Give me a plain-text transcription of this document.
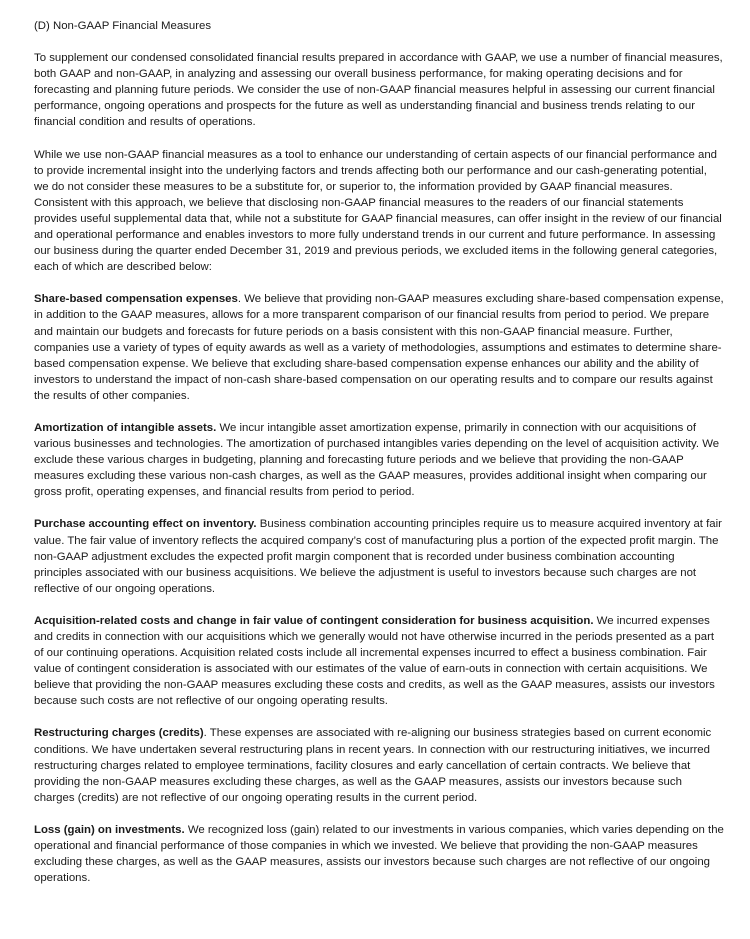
(D) Non-GAAP Financial Measures

To supplement our condensed consolidated financial results prepared in accordance with GAAP, we use a number of financial measures, both GAAP and non-GAAP, in analyzing and assessing our overall business performance, for making operating decisions and for forecasting and planning future periods. We consider the use of non-GAAP financial measures helpful in assessing our current financial performance, ongoing operations and prospects for the future as well as understanding financial and business trends relating to our financial condition and results of operations.

While we use non-GAAP financial measures as a tool to enhance our understanding of certain aspects of our financial performance and to provide incremental insight into the underlying factors and trends affecting both our performance and our cash-generating potential, we do not consider these measures to be a substitute for, or superior to, the information provided by GAAP financial measures. Consistent with this approach, we believe that disclosing non-GAAP financial measures to the readers of our financial statements provides useful supplemental data that, while not a substitute for GAAP financial measures, can offer insight in the review of our financial and operational performance and enables investors to more fully understand trends in our current and future performance. In assessing our business during the quarter ended December 31, 2019 and previous periods, we excluded items in the following general categories, each of which are described below:

Share-based compensation expenses. We believe that providing non-GAAP measures excluding share-based compensation expense, in addition to the GAAP measures, allows for a more transparent comparison of our financial results from period to period. We prepare and maintain our budgets and forecasts for future periods on a basis consistent with this non-GAAP financial measure. Further, companies use a variety of types of equity awards as well as a variety of methodologies, assumptions and estimates to determine share-based compensation expense. We believe that excluding share-based compensation expense enhances our ability and the ability of investors to understand the impact of non-cash share-based compensation on our operating results and to compare our results against the results of other companies.

Amortization of intangible assets. We incur intangible asset amortization expense, primarily in connection with our acquisitions of various businesses and technologies. The amortization of purchased intangibles varies depending on the level of acquisition activity. We exclude these various charges in budgeting, planning and forecasting future periods and we believe that providing the non-GAAP measures excluding these various non-cash charges, as well as the GAAP measures, provides additional insight when comparing our gross profit, operating expenses, and financial results from period to period.

Purchase accounting effect on inventory. Business combination accounting principles require us to measure acquired inventory at fair value. The fair value of inventory reflects the acquired company’s cost of manufacturing plus a portion of the expected profit margin. The non-GAAP adjustment excludes the expected profit margin component that is recorded under business combination accounting principles associated with our business acquisitions. We believe the adjustment is useful to investors because such charges are not reflective of our ongoing operations.

Acquisition-related costs and change in fair value of contingent consideration for business acquisition. We incurred expenses and credits in connection with our acquisitions which we generally would not have otherwise incurred in the periods presented as a part of our continuing operations. Acquisition related costs include all incremental expenses incurred to effect a business combination. Fair value of contingent consideration is associated with our estimates of the value of earn-outs in connection with certain acquisitions. We believe that providing the non-GAAP measures excluding these costs and credits, as well as the GAAP measures, assists our investors because such costs are not reflective of our ongoing operating results.

Restructuring charges (credits). These expenses are associated with re-aligning our business strategies based on current economic conditions. We have undertaken several restructuring plans in recent years. In connection with our restructuring initiatives, we incurred restructuring charges related to employee terminations, facility closures and early cancellation of certain contracts. We believe that providing the non-GAAP measures excluding these charges, as well as the GAAP measures, assists our investors because such charges (credits) are not reflective of our ongoing operating results in the current period.

Loss (gain) on investments. We recognized loss (gain) related to our investments in various companies, which varies depending on the operational and financial performance of those companies in which we invested. We believe that providing the non-GAAP measures excluding these charges, as well as the GAAP measures, assists our investors because such charges are not reflective of our ongoing operations.
